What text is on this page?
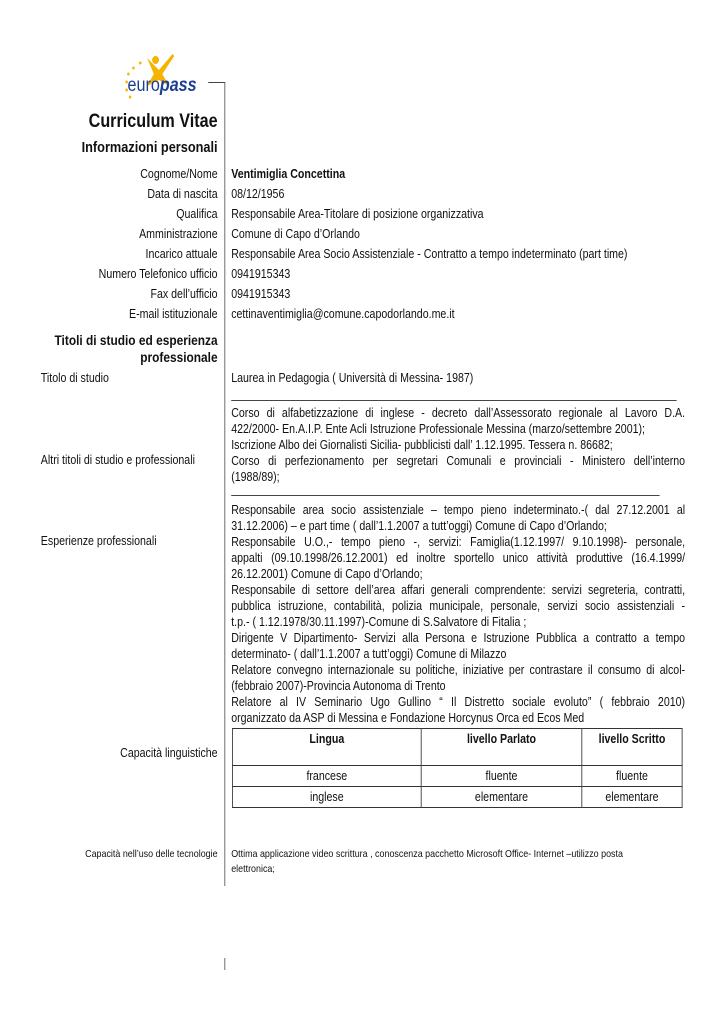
europass
Curriculum Vitae
Informazioni personali
Cognome/Nome Ventimiglia Concettina
Data di nascita 08/12/1956
Qualifica Responsabile Area-Titolare di posizione organizzativa
Amministrazione Comune di Capo d’Orlando
Incarico attuale Responsabile Area Socio Assistenziale - Contratto a tempo indeterminato (part time)
Numero Telefonico ufficio 0941915343
Fax dell’ufficio 0941915343
E-mail istituzionale cettinaventimiglia@comune.capodorlando.me.it
Titoli di studio ed esperienza
professionale
Titolo di studio	Laurea in Pedagogia ( Università di Messina- 1987)
Altri titoli di studio e professionali
Corso di alfabetizzazione di inglese - decreto dall’Assessorato regionale al Lavoro D.A.
422/2000- En.A.I.P. Ente Acli Istruzione Professionale Messina (marzo/settembre 2001);
Iscrizione Albo dei Giornalisti Sicilia- pubblicisti dall’ 1.12.1995. Tessera n. 86682;
Corso di perfezionamento per segretari Comunali e provinciali - Ministero dell’interno
(1988/89);
Esperienze professionali
Responsabile area socio assistenziale – tempo pieno indeterminato.-( dal 27.12.2001 al
31.12.2006) – e part time ( dall’1.1.2007 a tutt’oggi) Comune di Capo d’Orlando;
Responsabile U.O.,- tempo pieno -, servizi: Famiglia(1.12.1997/ 9.10.1998)- personale,
appalti (09.10.1998/26.12.2001) ed inoltre sportello unico attività produttive (16.4.1999/
26.12.2001) Comune di Capo d’Orlando;
Responsabile di settore dell’area affari generali comprendente: servizi segreteria, contratti,
pubblica istruzione, contabilità, polizia municipale, personale, servizi socio assistenziali -
t.p.- ( 1.12.1978/30.11.1997)-Comune di S.Salvatore di Fitalia ;
Dirigente V Dipartimento- Servizi alla Persona e Istruzione Pubblica a contratto a tempo
determinato- ( dall’1.1.2007 a tutt’oggi) Comune di Milazzo
Relatore convegno internazionale su politiche, iniziative per contrastare il consumo di alcol-
(febbraio 2007)-Provincia Autonoma di Trento
Relatore al IV Seminario Ugo Gullino “ Il Distretto sociale evoluto” ( febbraio 2010)
organizzato da ASP di Messina e Fondazione Horcynus Orca ed Ecos Med
Capacità linguistiche
Lingua	livello Parlato	livello Scritto
francese	fluente	fluente
inglese	elementare	elementare
Capacità nell’uso delle tecnologie Ottima applicazione video scrittura , conoscenza pacchetto Microsoft Office- Internet –utilizzo posta
elettronica;
